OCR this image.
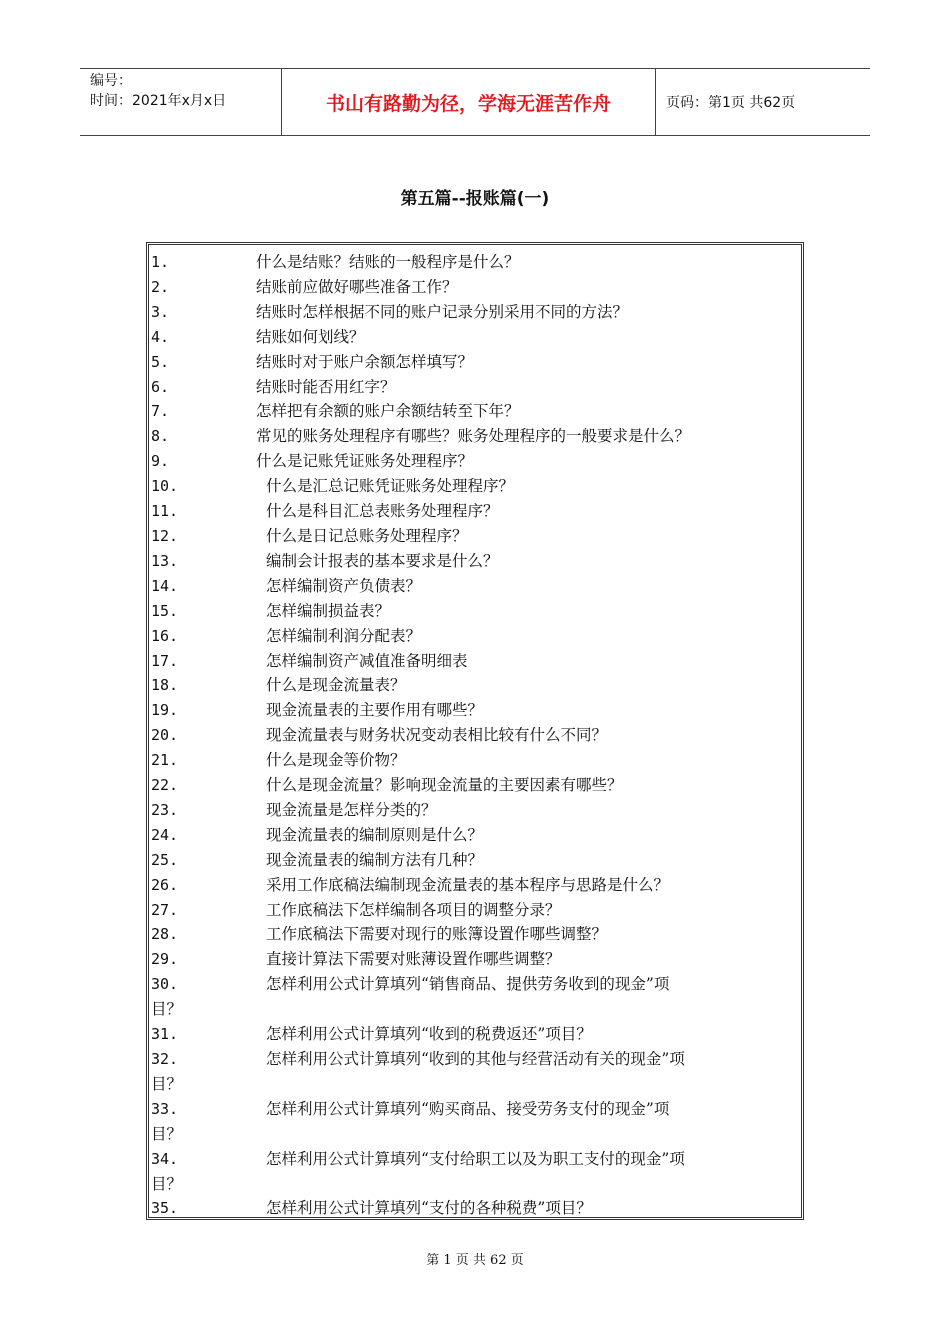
编号：
时间：2021年x月x日	书山有路勤为径，学海无涯苦作舟	页码：第1页 共62页
第五篇--报账篇(一)
1.	什么是结账？结账的一般程序是什么？
2.	结账前应做好哪些准备工作？
3.	结账时怎样根据不同的账户记录分别采用不同的方法？
4.	结账如何划线？
5.	结账时对于账户余额怎样填写？
6.	结账时能否用红字？
7.	怎样把有余额的账户余额结转至下年？
8.	常见的账务处理程序有哪些？账务处理程序的一般要求是什么？
9.	什么是记账凭证账务处理程序？
10.	什么是汇总记账凭证账务处理程序？
11.	什么是科目汇总表账务处理程序？
12.	什么是日记总账务处理程序？
13.	编制会计报表的基本要求是什么？
14.	怎样编制资产负债表？
15.	怎样编制损益表？
16.	怎样编制利润分配表？
17.	怎样编制资产减值准备明细表
18.	什么是现金流量表？
19.	现金流量表的主要作用有哪些？
20.	现金流量表与财务状况变动表相比较有什么不同？
21.	什么是现金等价物？
22.	什么是现金流量？影响现金流量的主要因素有哪些？
23.	现金流量是怎样分类的？
24.	现金流量表的编制原则是什么？
25.	现金流量表的编制方法有几种？
26.	采用工作底稿法编制现金流量表的基本程序与思路是什么？
27.	工作底稿法下怎样编制各项目的调整分录？
28.	工作底稿法下需要对现行的账簿设置作哪些调整？
29.	直接计算法下需要对账薄设置作哪些调整？
30.	怎样利用公式计算填列“销售商品、提供劳务收到的现金”项
目？
31.	怎样利用公式计算填列“收到的税费返还”项目？
32.	怎样利用公式计算填列“收到的其他与经营活动有关的现金”项
目？
33.	怎样利用公式计算填列“购买商品、接受劳务支付的现金”项
目？
34.	怎样利用公式计算填列“支付给职工以及为职工支付的现金”项
目？
35.	怎样利用公式计算填列“支付的各种税费”项目？
第 1 页 共 62 页
